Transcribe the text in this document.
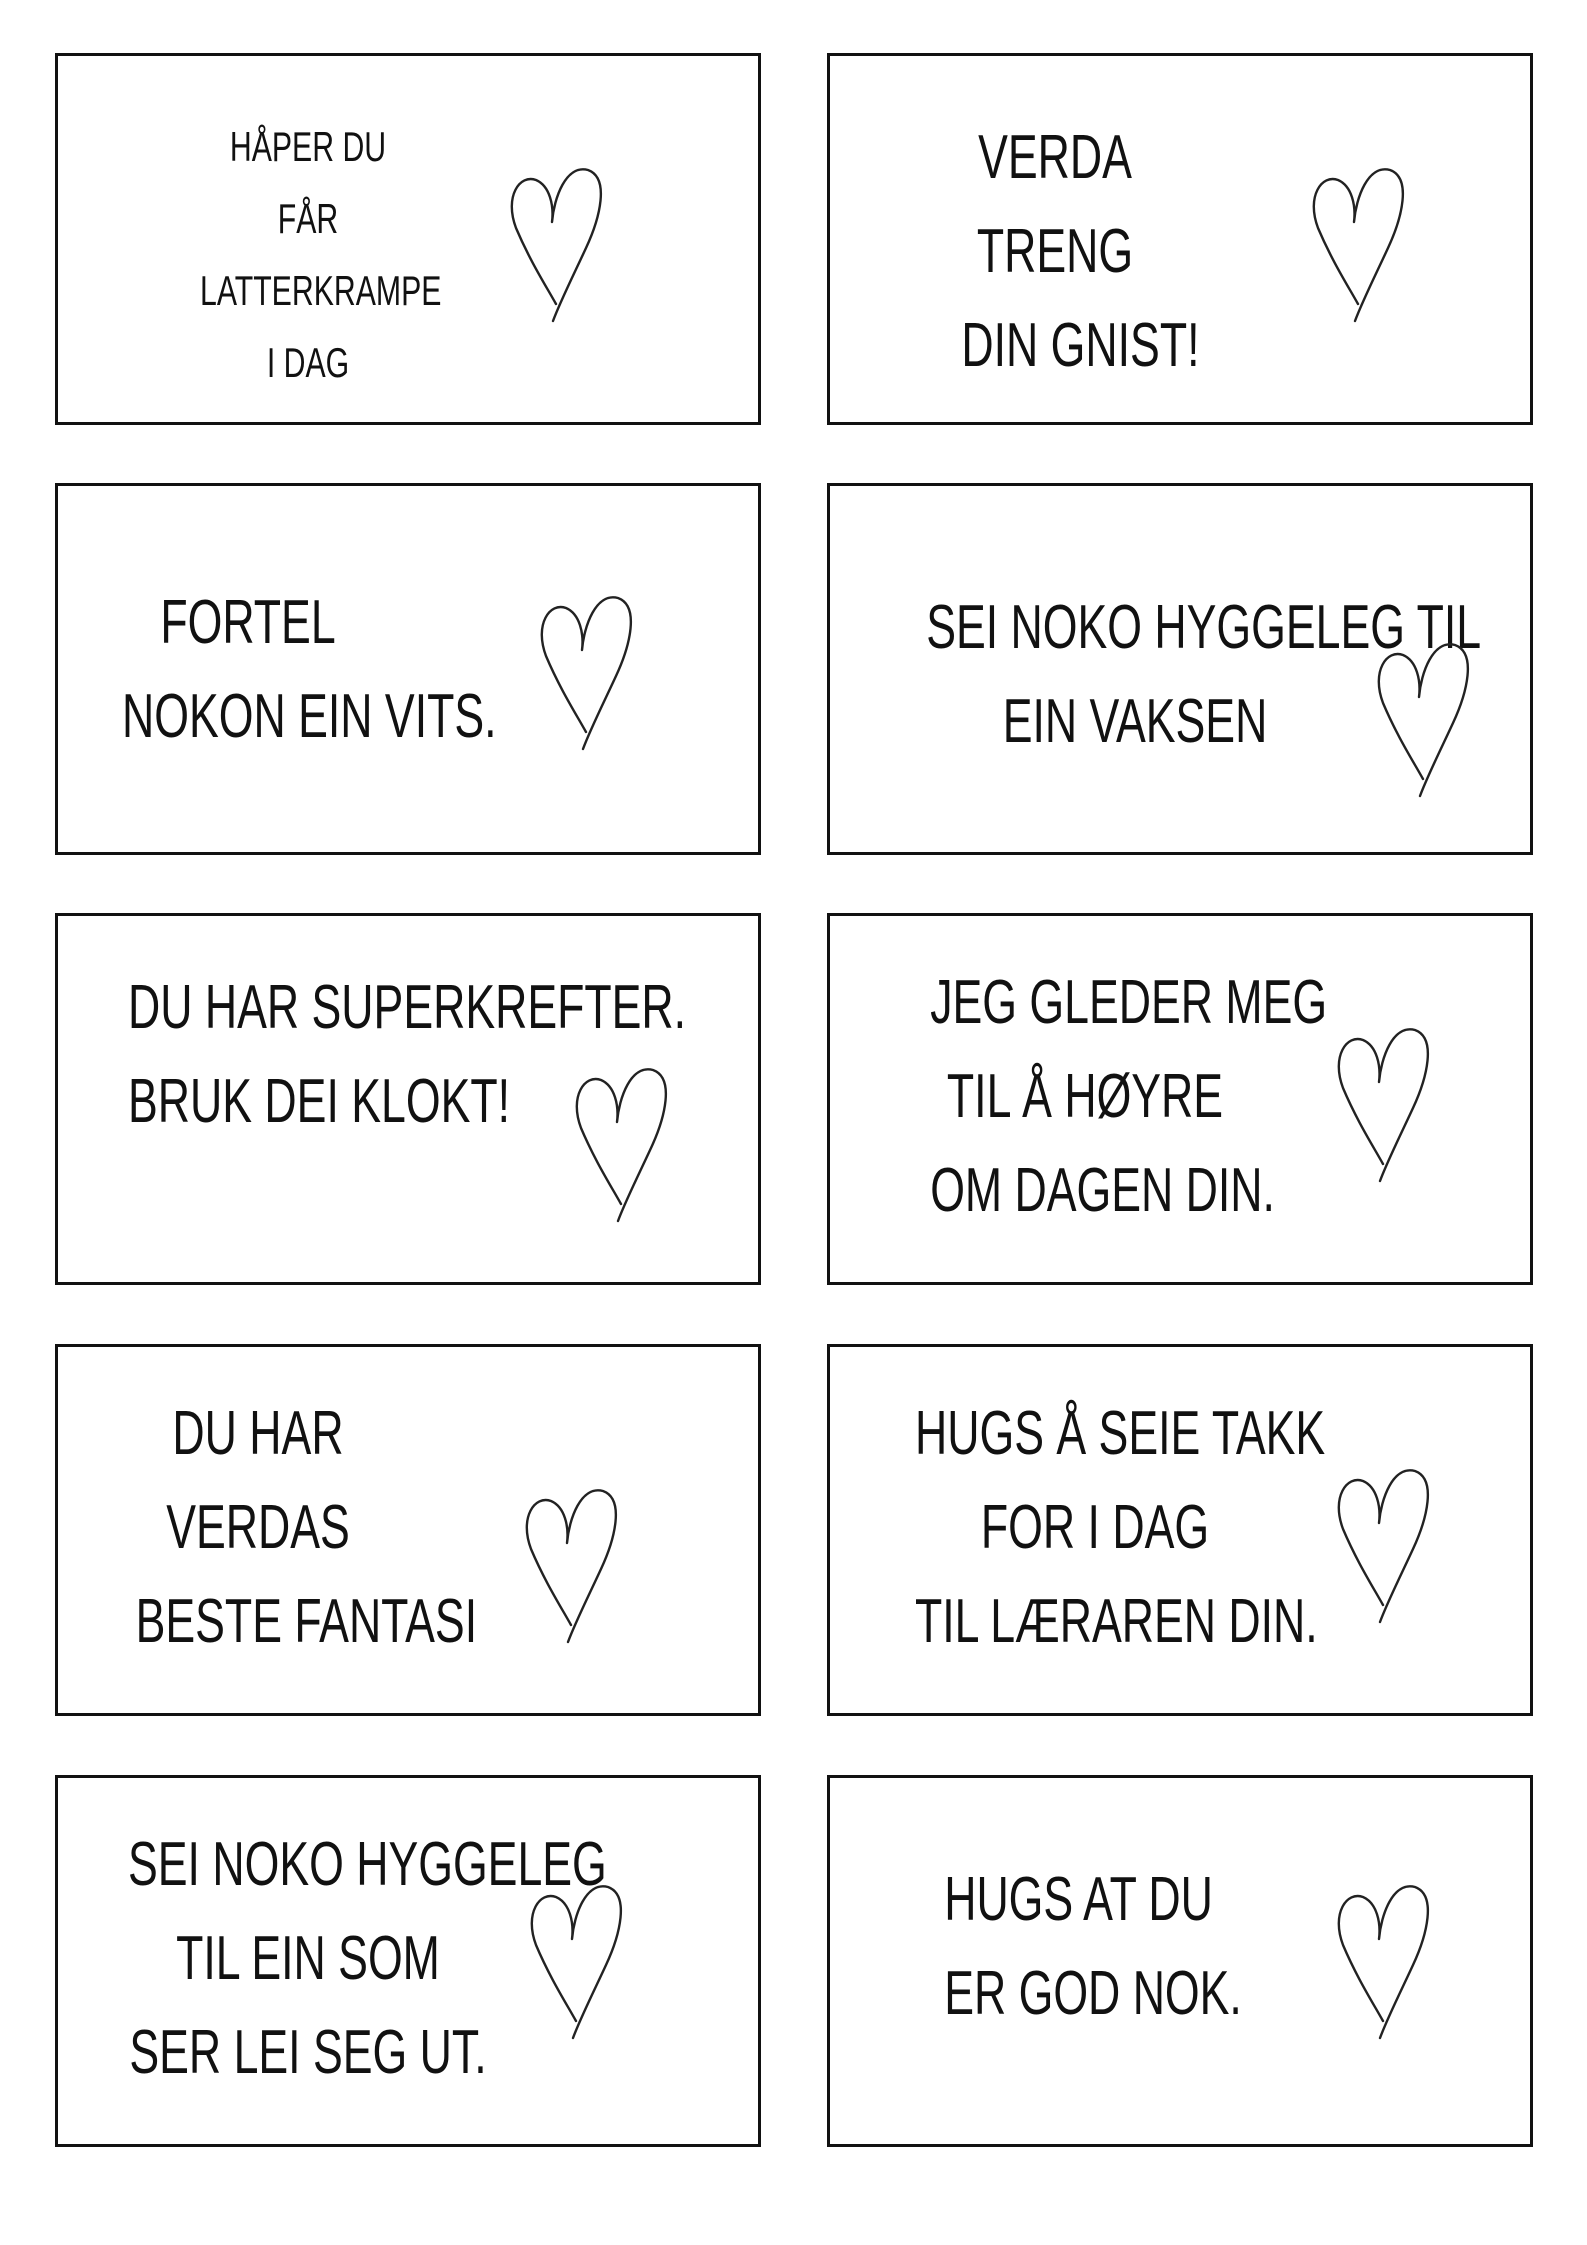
HÅPER DU
FÅR
LATTERKRAMPE
I DAG
VERDA
TRENG
DIN GNIST!
FORTEL
NOKON EIN VITS.
SEI NOKO HYGGELEG TIL
EIN VAKSEN
DU HAR SUPERKREFTER.
BRUK DEI KLOKT!
JEG GLEDER MEG
TIL Å HØYRE
OM DAGEN DIN.
DU HAR
VERDAS
BESTE FANTASI
HUGS Å SEIE TAKK
FOR I DAG
TIL LÆRAREN DIN.
SEI NOKO HYGGELEG
TIL EIN SOM
SER LEI SEG UT.
HUGS AT DU
ER GOD NOK.
